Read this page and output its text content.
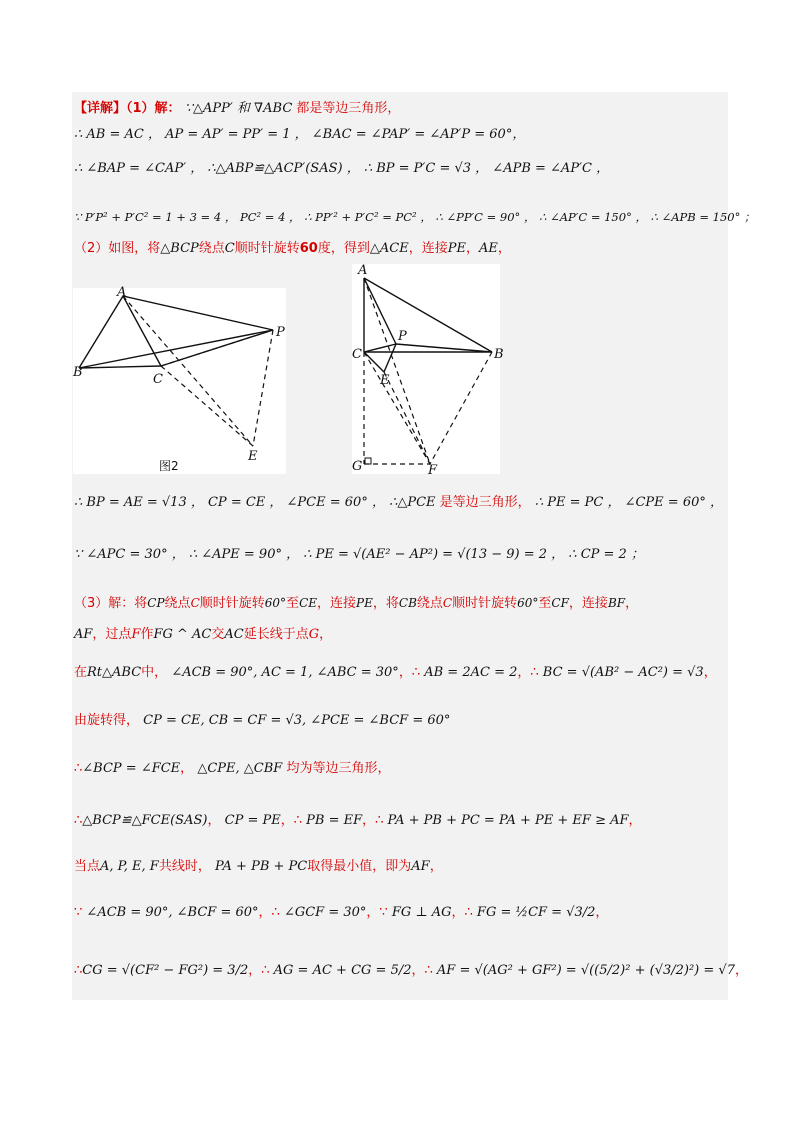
【详解】（1）解： ∵△APP′ 和 ∇ABC 都是等边三角形，
∴ AB = AC ， AP = AP′ = PP′ = 1 ， ∠BAC = ∠PAP′ = ∠AP′P = 60°，
∴ ∠BAP = ∠CAP′ ， ∴△ABP≌△ACP′(SAS) ， ∴ BP = P′C = √3 ， ∠APB = ∠AP′C ，
∵ P′P² + P′C² = 1 + 3 = 4 ， PC² = 4 ， ∴ PP′² + P′C² = PC² ， ∴ ∠PP′C = 90° ， ∴ ∠AP′C = 150° ， ∴ ∠APB = 150° ；
（2）如图，将△BCP绕点C顺时针旋转60度，得到△ACE，连接PE，AE，
A
P
B	C
E
图2
A
P
C	B
E
G	F
∴ BP = AE = √13 ， CP = CE ， ∠PCE = 60° ， ∴△PCE 是等边三角形， ∴ PE = PC ， ∠CPE = 60° ，
∵ ∠APC = 30° ， ∴ ∠APE = 90° ， ∴ PE = √(AE² − AP²) = √(13 − 9) = 2 ， ∴ CP = 2 ；
（3）解：将CP绕点C顺时针旋转60°至CE，连接PE，将CB绕点C顺时针旋转60°至CF，连接BF，
AF，过点F作FG ^ AC交AC延长线于点G，
在Rt△ABC中， ∠ACB = 90°, AC = 1, ∠ABC = 30°，∴ AB = 2AC = 2，∴ BC = √(AB² − AC²) = √3，
由旋转得， CP = CE, CB = CF = √3, ∠PCE = ∠BCF = 60°
∴∠BCP = ∠FCE， △CPE, △CBF 均为等边三角形，
∴△BCP≌△FCE(SAS)， CP = PE，∴ PB = EF，∴ PA + PB + PC = PA + PE + EF ≥ AF，
当点A, P, E, F共线时， PA + PB + PC取得最小值，即为AF，
∵ ∠ACB = 90°, ∠BCF = 60°，∴ ∠GCF = 30°，∵ FG ⊥ AG，∴ FG = ½CF = √3/2，
∴CG = √(CF² − FG²) = 3/2，∴ AG = AC + CG = 5/2，∴ AF = √(AG² + GF²) = √((5/2)² + (√3/2)²) = √7，
